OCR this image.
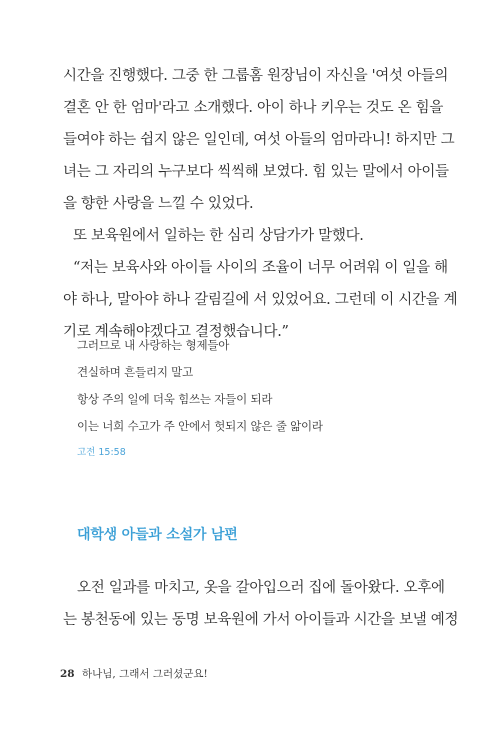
시간을 진행했다. 그중 한 그룹홈 원장님이 자신을 '여섯 아들의
결혼 안 한 엄마'라고 소개했다. 아이 하나 키우는 것도 온 힘을
들여야 하는 쉽지 않은 일인데, 여섯 아들의 엄마라니! 하지만 그
녀는 그 자리의 누구보다 씩씩해 보였다. 힘 있는 말에서 아이들
을 향한 사랑을 느낄 수 있었다.
또 보육원에서 일하는 한 심리 상담가가 말했다.
“저는 보육사와 아이들 사이의 조율이 너무 어려워 이 일을 해
야 하나, 말아야 하나 갈림길에 서 있었어요. 그런데 이 시간을 계
기로 계속해야겠다고 결정했습니다.”
그러므로 내 사랑하는 형제들아
견실하며 흔들리지 말고
항상 주의 일에 더욱 힘쓰는 자들이 되라
이는 너희 수고가 주 안에서 헛되지 않은 줄 앎이라
고전 15:58
대학생 아들과 소설가 남편
오전 일과를 마치고, 옷을 갈아입으러 집에 돌아왔다. 오후에
는 봉천동에 있는 동명 보육원에 가서 아이들과 시간을 보낼 예정
28 하나님, 그래서 그러셨군요!
